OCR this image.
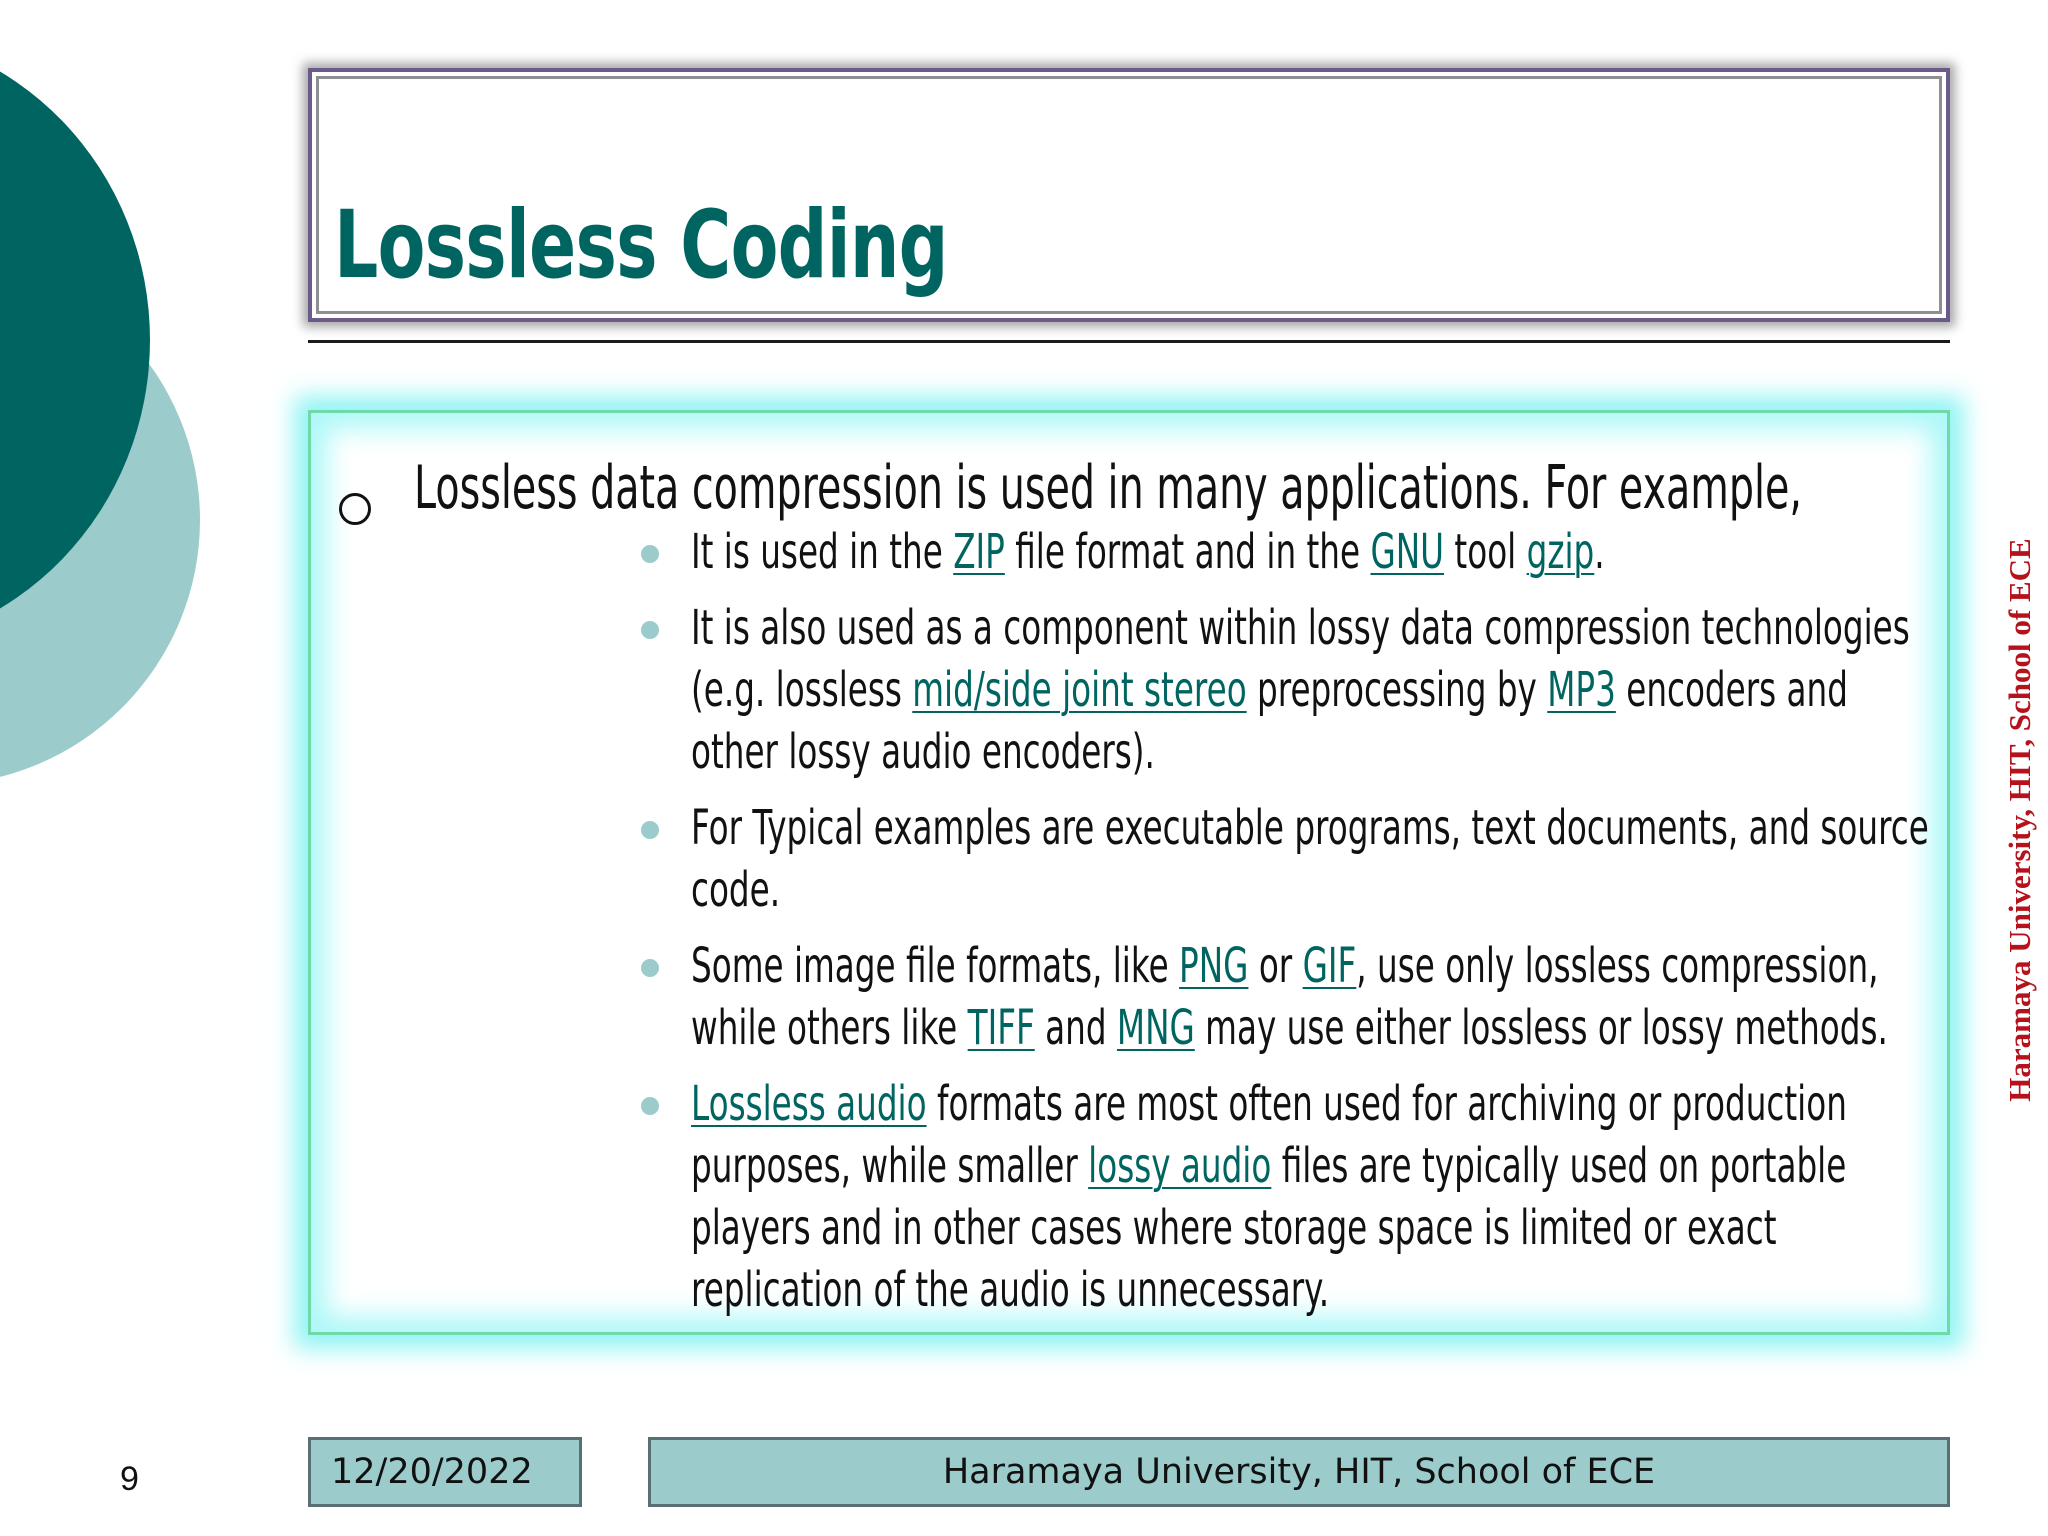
Lossless Coding
Lossless data compression is used in many applications. For example,
It is used in the ZIP file format and in the GNU tool gzip.
It is also used as a component within lossy data compression technologies
(e.g. lossless mid/side joint stereo preprocessing by MP3 encoders and
other lossy audio encoders).
For Typical examples are executable programs, text documents, and source
code.
Some image file formats, like PNG or GIF, use only lossless compression,
while others like TIFF and MNG may use either lossless or lossy methods.
Lossless audio formats are most often used for archiving or production
purposes, while smaller lossy audio files are typically used on portable
players and in other cases where storage space is limited or exact
replication of the audio is unnecessary.
Haramaya University, HIT, School of ECE
9	12/20/2022	Haramaya University, HIT, School of ECE
